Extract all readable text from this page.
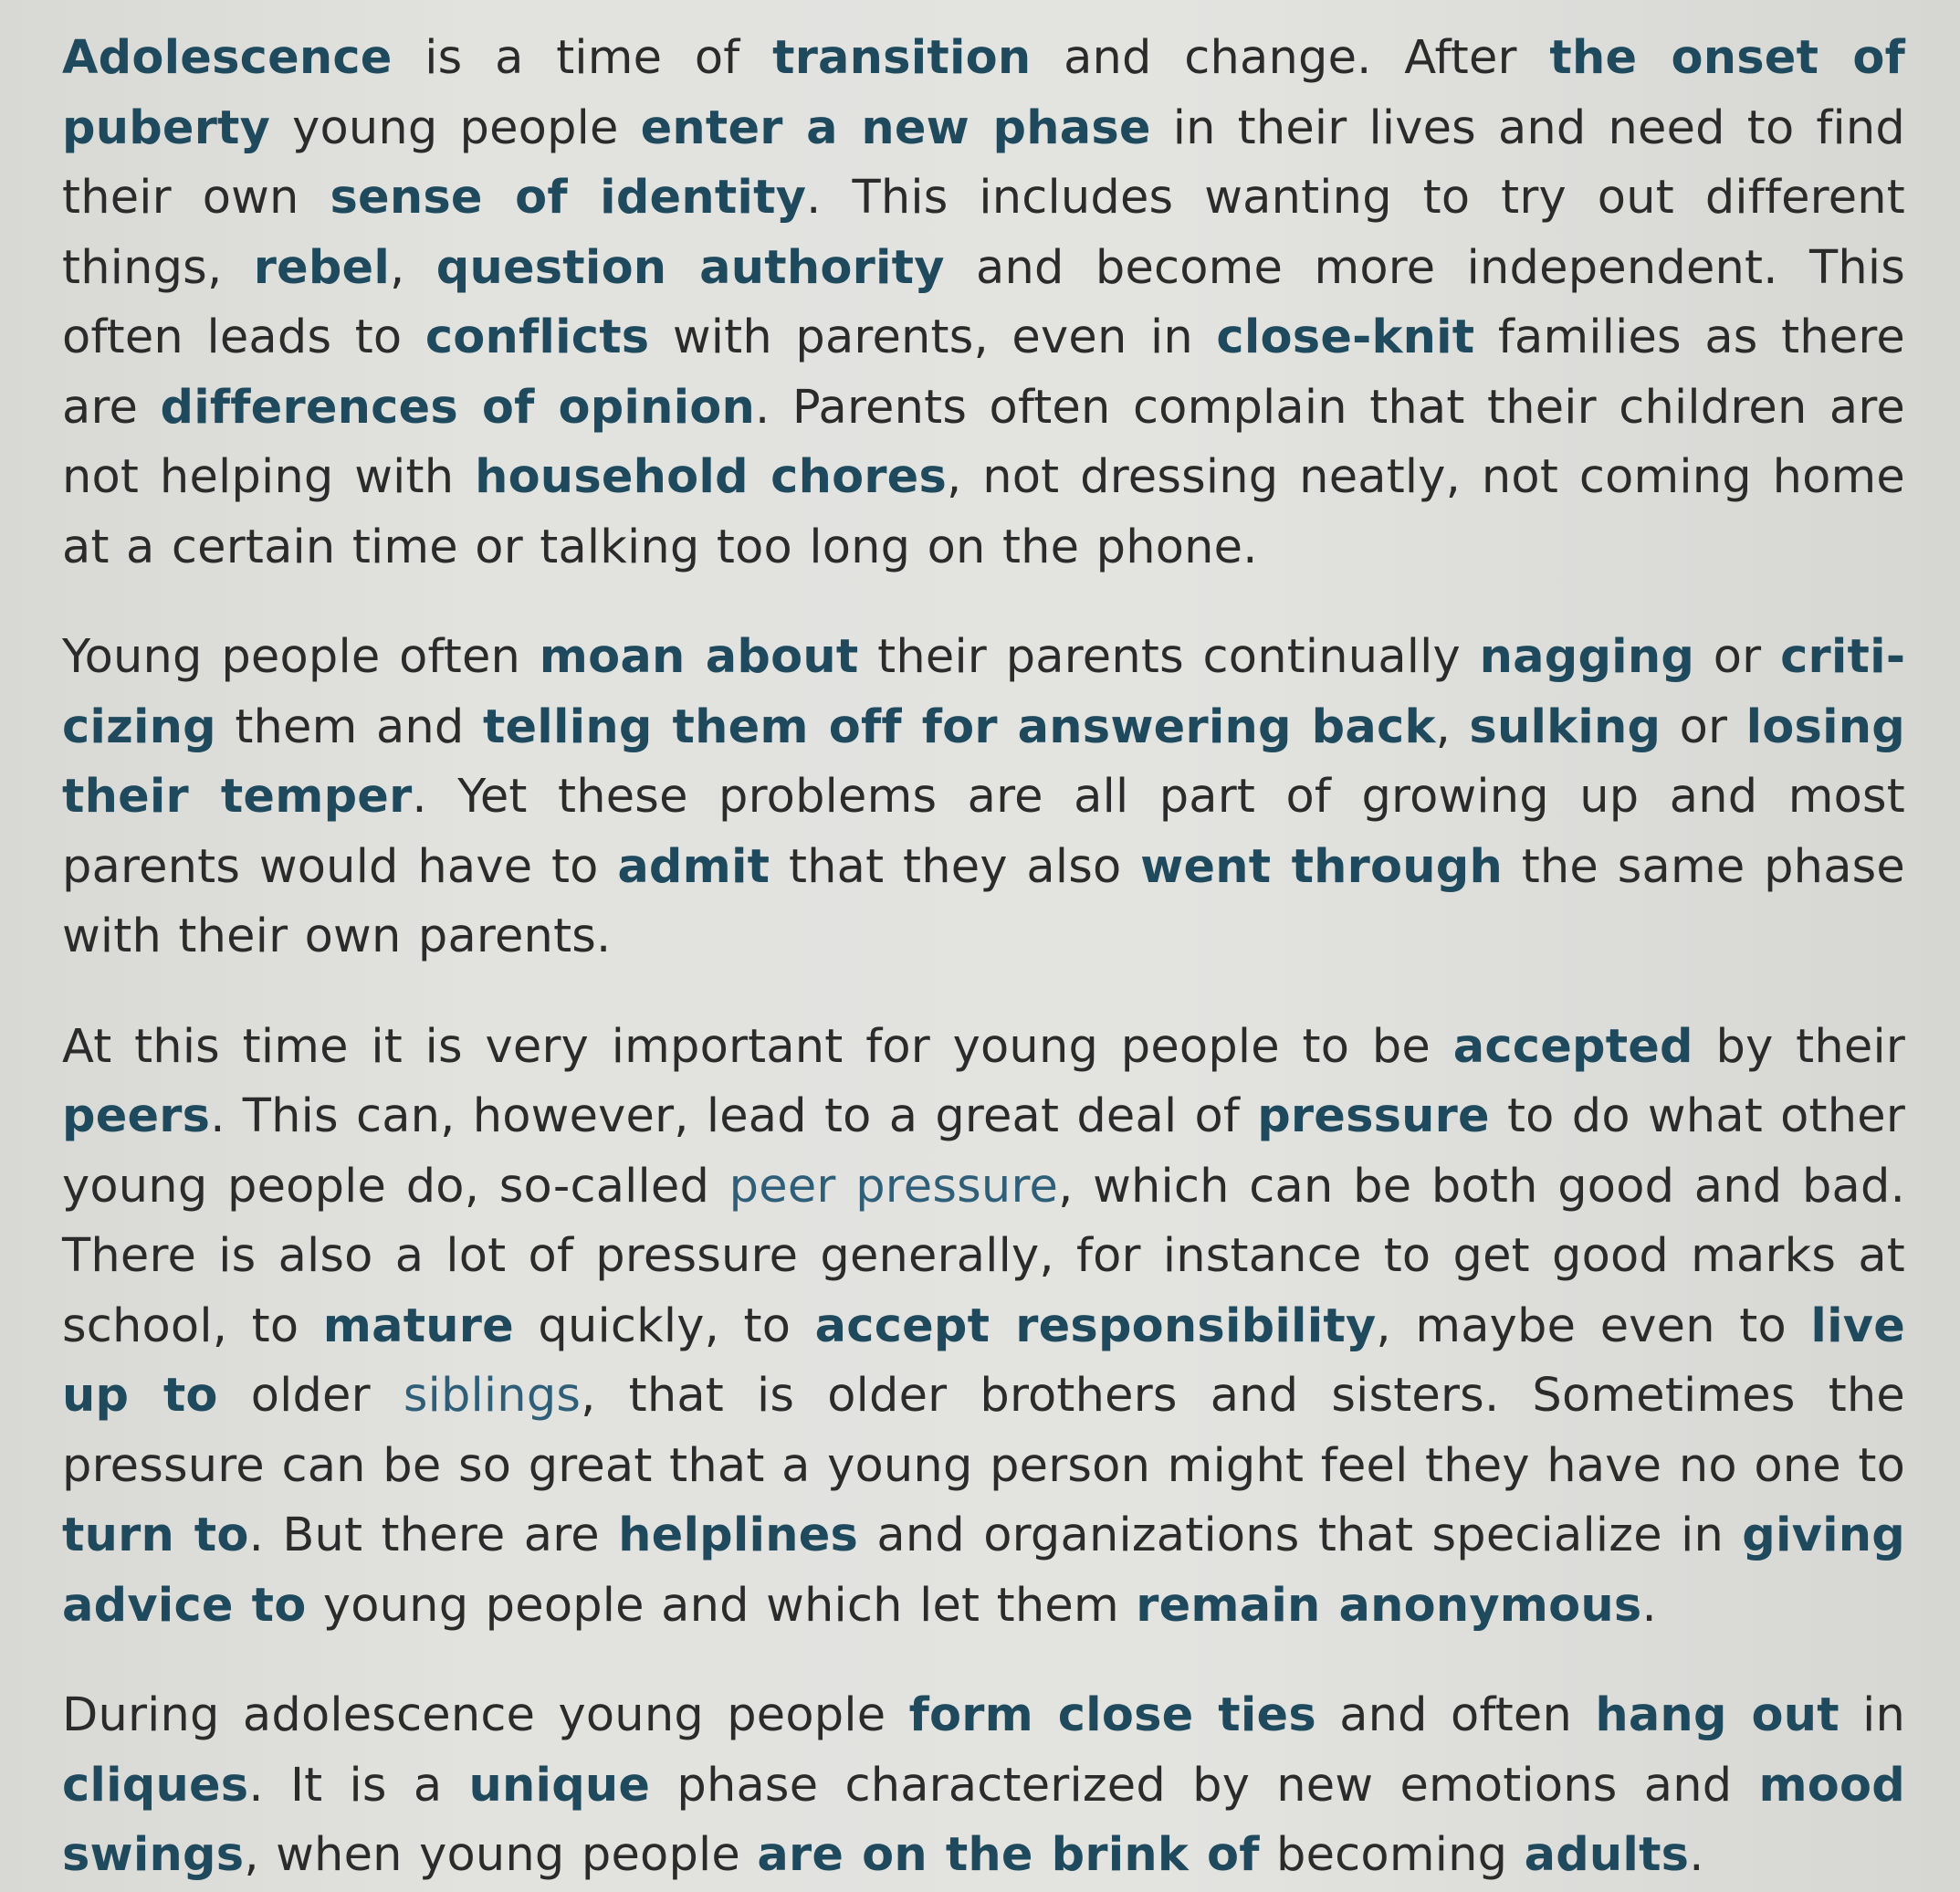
Adolescence is a time of transition and change. After the onset of puberty young people enter a new phase in their lives and need to find their own sense of identity. This includes wanting to try out different things, rebel, question authority and become more independent. This often leads to conflicts with parents, even in close-knit families as there are differences of opinion. Parents often complain that their children are not helping with household chores, not dressing neatly, not coming home at a certain time or talking too long on the phone.

Young people often moan about their parents continually nagging or criticizing them and telling them off for answering back, sulking or losing their temper. Yet these problems are all part of growing up and most parents would have to admit that they also went through the same phase with their own parents.

At this time it is very important for young people to be accepted by their peers. This can, however, lead to a great deal of pressure to do what other young people do, so-called peer pressure, which can be both good and bad. There is also a lot of pressure generally, for instance to get good marks at school, to mature quickly, to accept responsibility, maybe even to live up to older siblings, that is older brothers and sisters. Sometimes the pressure can be so great that a young person might feel they have no one to turn to. But there are helplines and organizations that specialize in giving advice to young people and which let them remain anonymous.

During adolescence young people form close ties and often hang out in cliques. It is a unique phase characterized by new emotions and mood swings, when young people are on the brink of becoming adults.
